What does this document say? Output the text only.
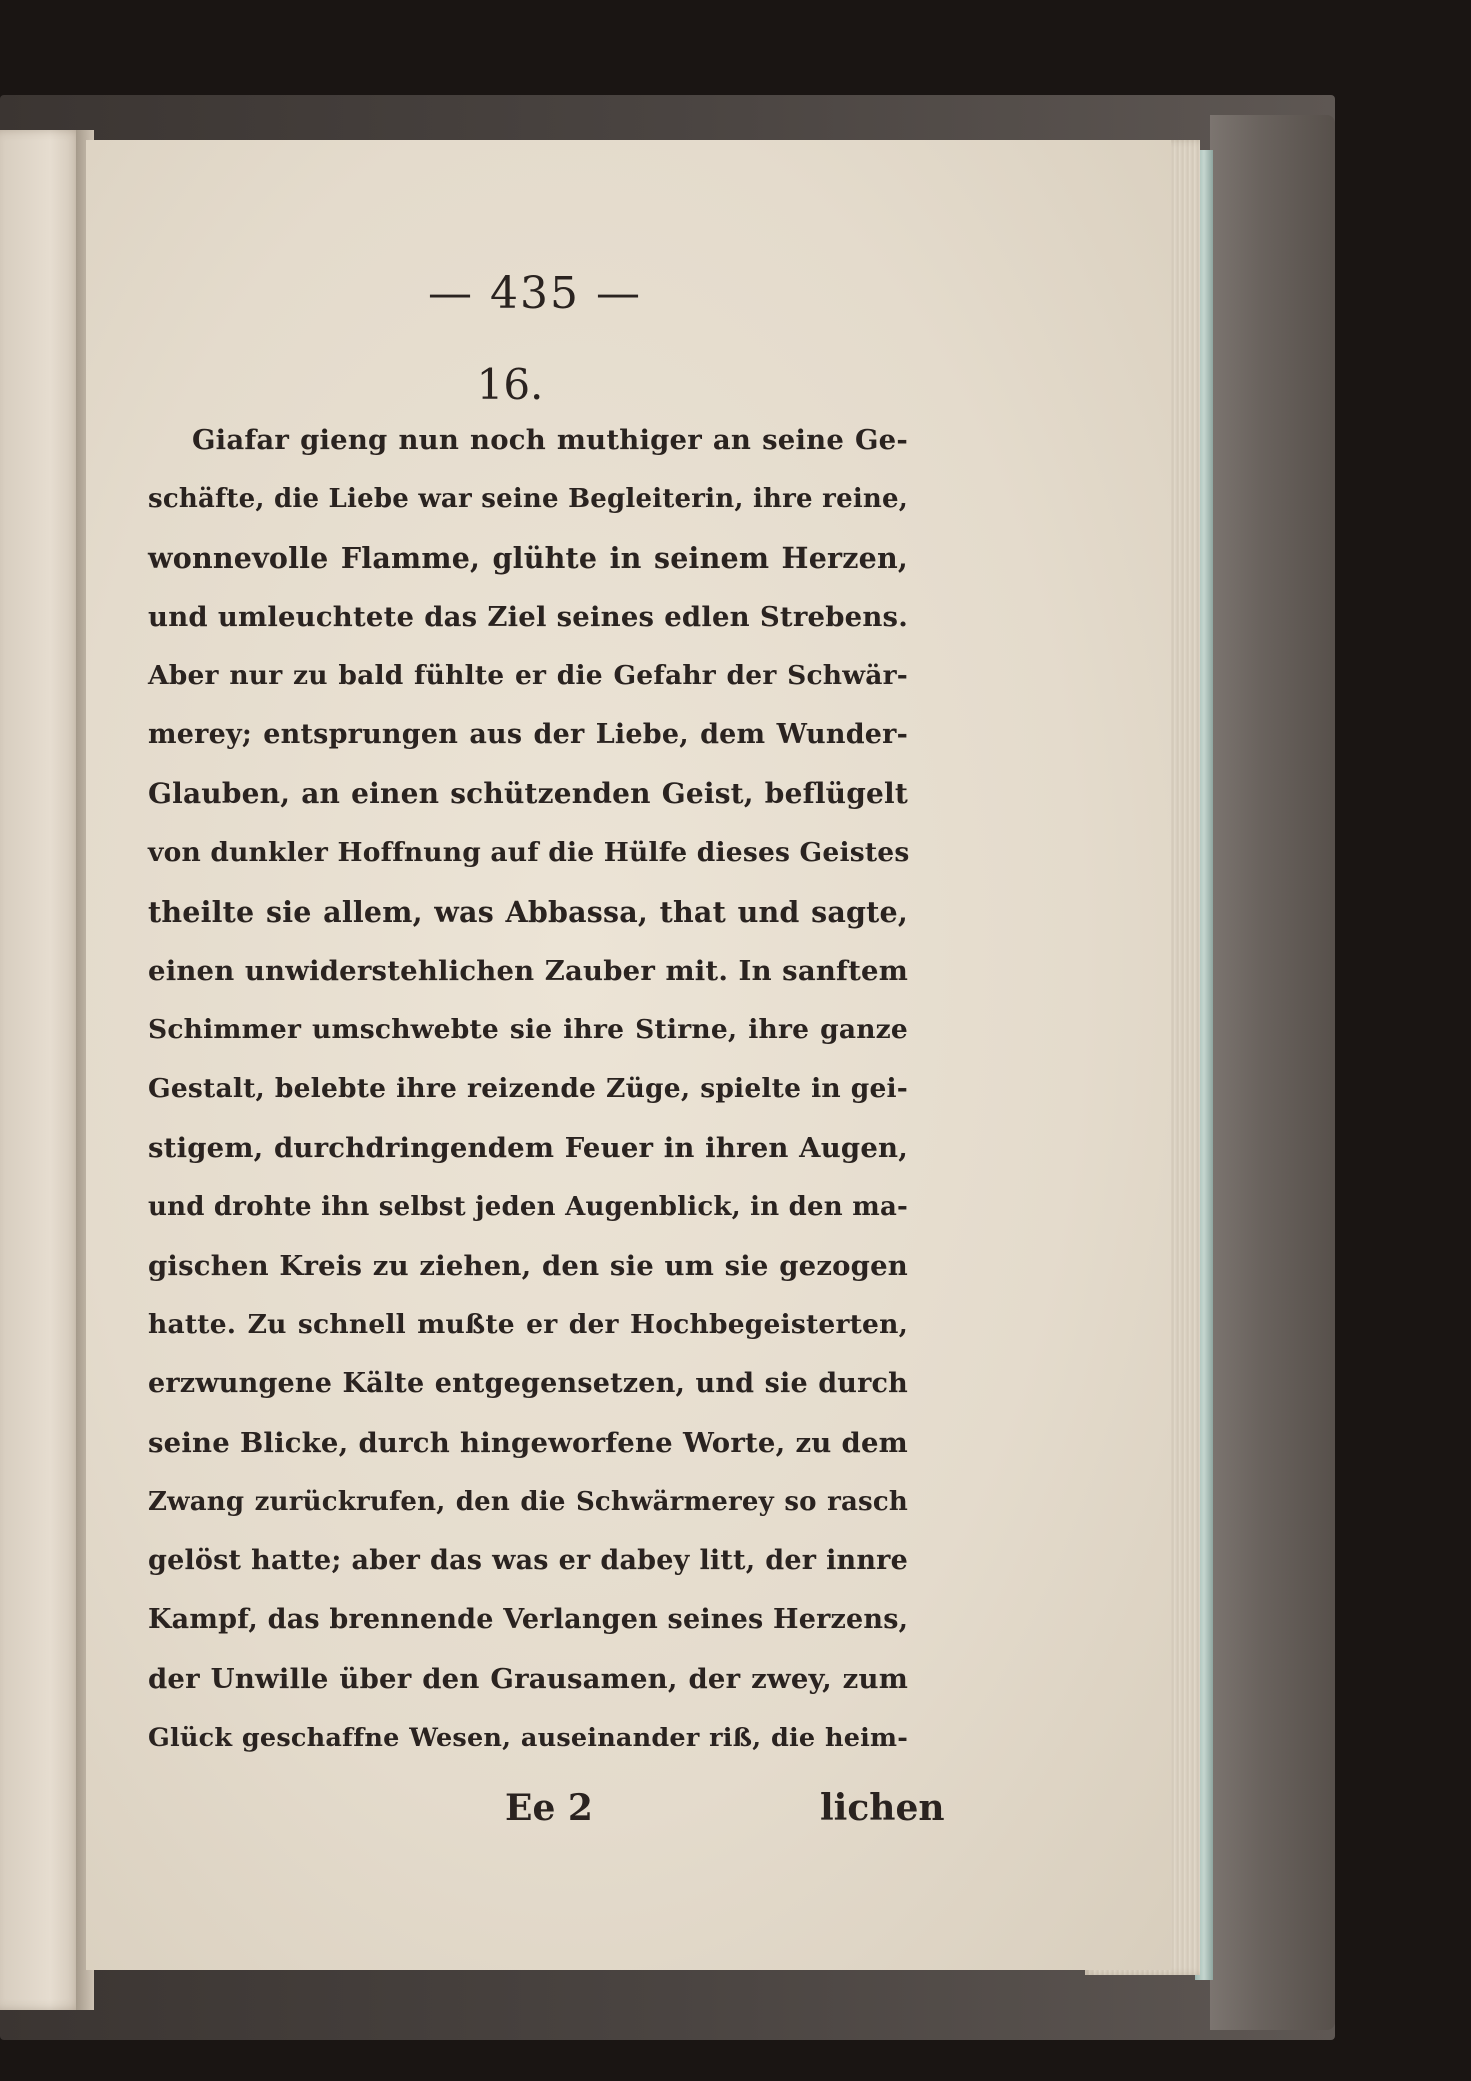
— 435 —
16.
Giafar gieng nun noch muthiger an seine Ge-
schäfte, die Liebe war seine Begleiterin, ihre reine,
wonnevolle Flamme, glühte in seinem Herzen,
und umleuchtete das Ziel seines edlen Strebens.
Aber nur zu bald fühlte er die Gefahr der Schwär-
merey; entsprungen aus der Liebe, dem Wunder-
Glauben, an einen schützenden Geist, beflügelt
von dunkler Hoffnung auf die Hülfe dieses Geistes
theilte sie allem, was Abbassa, that und sagte,
einen unwiderstehlichen Zauber mit. In sanftem
Schimmer umschwebte sie ihre Stirne, ihre ganze
Gestalt, belebte ihre reizende Züge, spielte in gei-
stigem, durchdringendem Feuer in ihren Augen,
und drohte ihn selbst jeden Augenblick, in den ma-
gischen Kreis zu ziehen, den sie um sie gezogen
hatte. Zu schnell mußte er der Hochbegeisterten,
erzwungene Kälte entgegensetzen, und sie durch
seine Blicke, durch hingeworfene Worte, zu dem
Zwang zurückrufen, den die Schwärmerey so rasch
gelöst hatte; aber das was er dabey litt, der innre
Kampf, das brennende Verlangen seines Herzens,
der Unwille über den Grausamen, der zwey, zum
Glück geschaffne Wesen, auseinander riß, die heim-
Ee 2	lichen
